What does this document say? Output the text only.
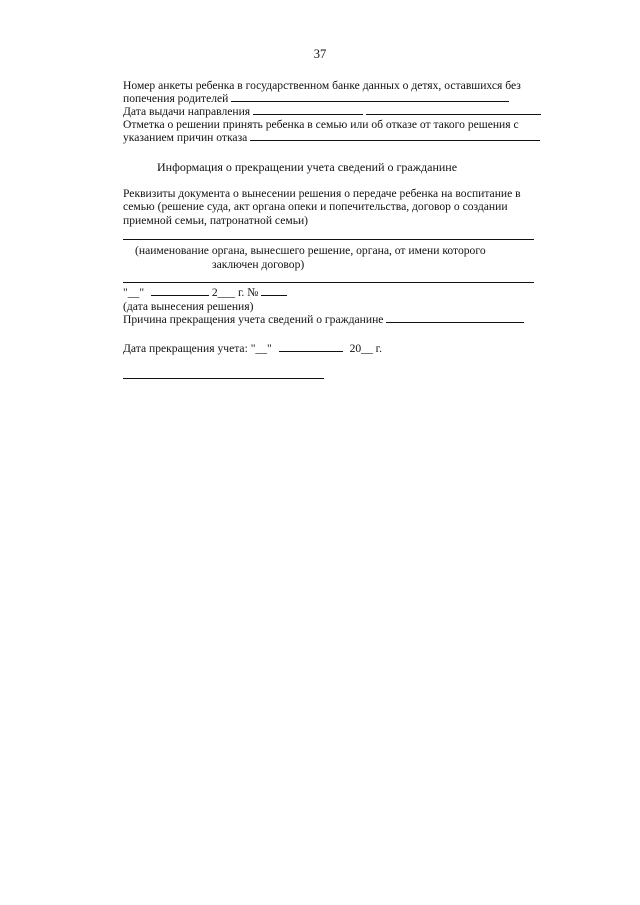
37
Номер анкеты ребенка в государственном банке данных о детях, оставшихся без
попечения родителей
Дата выдачи направления
Отметка о решении принять ребенка в семью или об отказе от такого решения с
указанием причин отказа
Информация о прекращении учета сведений о гражданине
Реквизиты документа о вынесении решения о передаче ребенка на воспитание в
семью (решение суда, акт органа опеки и попечительства, договор о создании
приемной семьи, патронатной семьи)
(наименование органа, вынесшего решение, органа, от имени которого
заключен договор)
"__"	2___ г. №
(дата вынесения решения)
Причина прекращения учета сведений о гражданине
Дата прекращения учета: "__"	20__ г.
